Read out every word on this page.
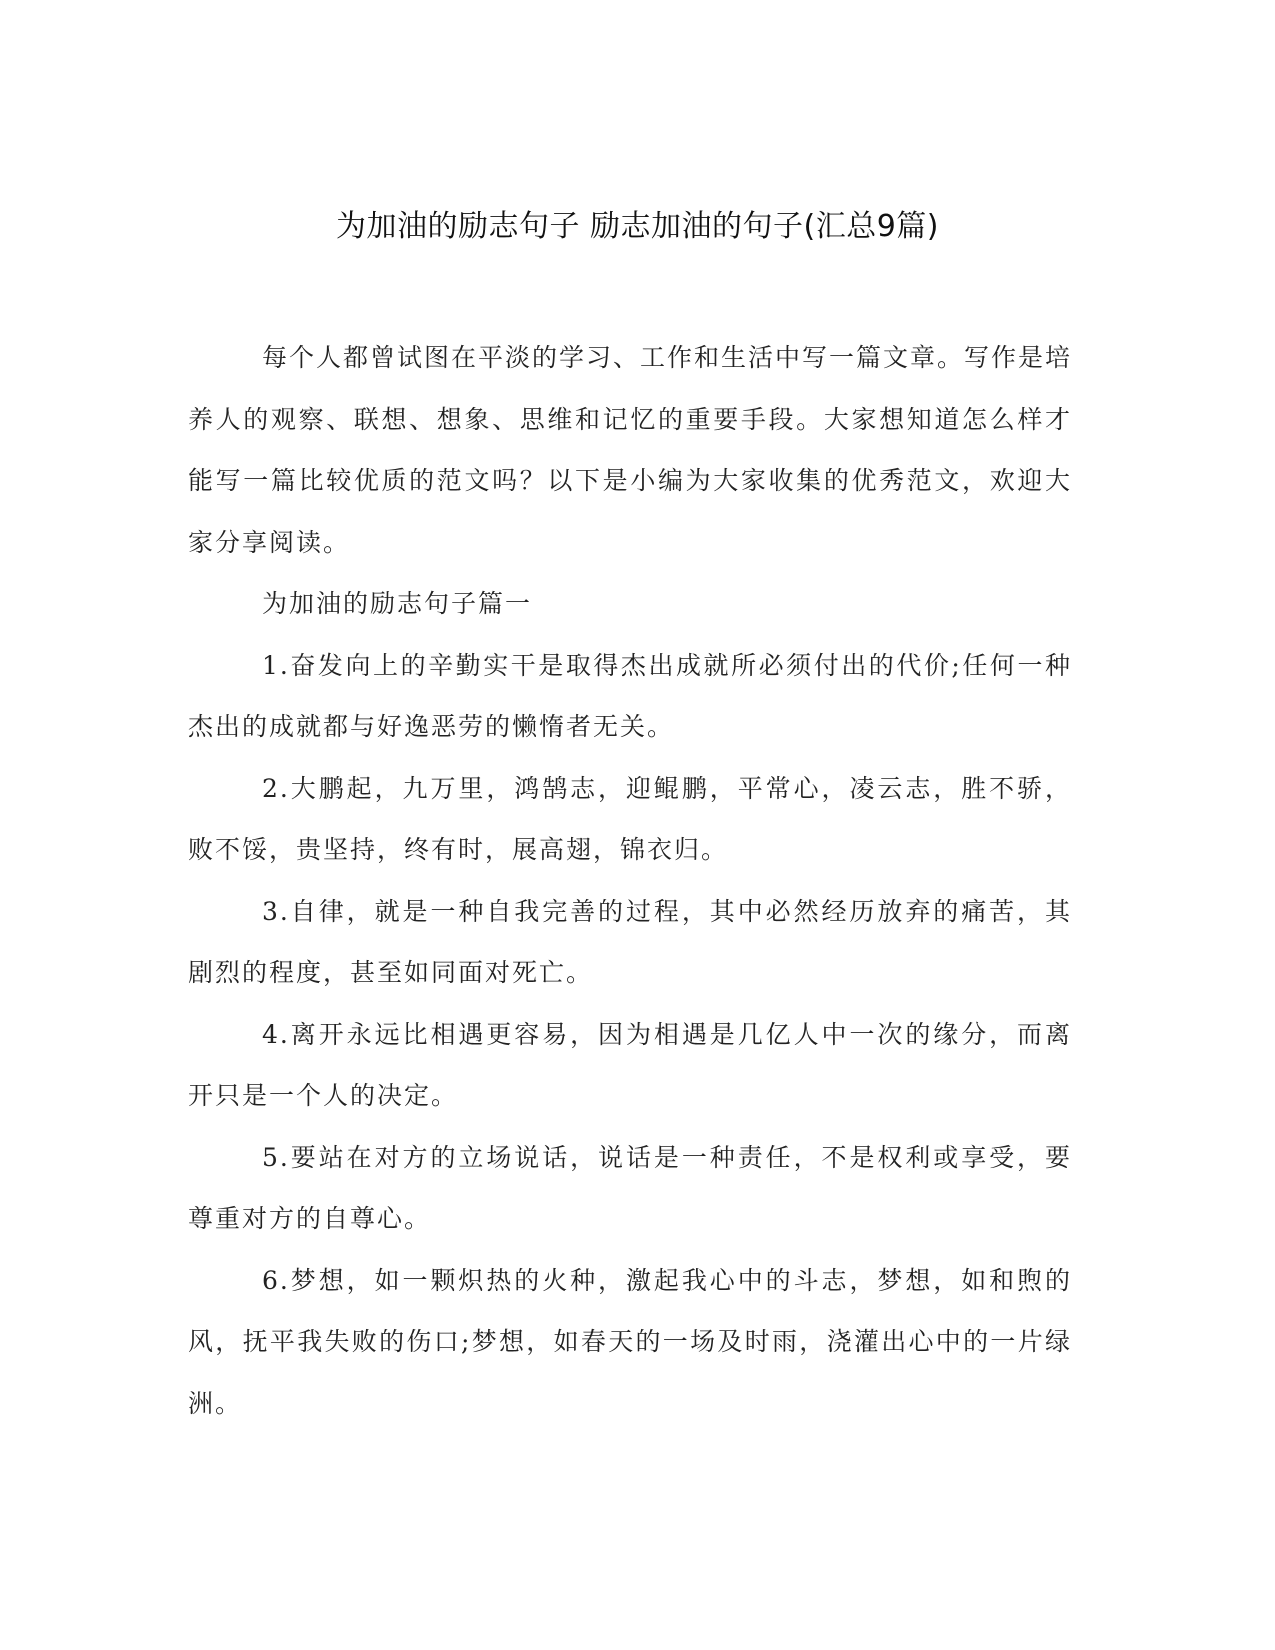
为加油的励志句子 励志加油的句子(汇总9篇)

每个人都曾试图在平淡的学习、工作和生活中写一篇文章。写作是培养人的观察、联想、想象、思维和记忆的重要手段。大家想知道怎么样才能写一篇比较优质的范文吗？以下是小编为大家收集的优秀范文，欢迎大家分享阅读。

为加油的励志句子篇一

1.奋发向上的辛勤实干是取得杰出成就所必须付出的代价;任何一种杰出的成就都与好逸恶劳的懒惰者无关。

2.大鹏起，九万里，鸿鹄志，迎鲲鹏，平常心，凌云志，胜不骄，败不馁，贵坚持，终有时，展高翅，锦衣归。

3.自律，就是一种自我完善的过程，其中必然经历放弃的痛苦，其剧烈的程度，甚至如同面对死亡。

4.离开永远比相遇更容易，因为相遇是几亿人中一次的缘分，而离开只是一个人的决定。

5.要站在对方的立场说话，说话是一种责任，不是权利或享受，要尊重对方的自尊心。

6.梦想，如一颗炽热的火种，激起我心中的斗志，梦想，如和煦的风，抚平我失败的伤口;梦想，如春天的一场及时雨，浇灌出心中的一片绿洲。
